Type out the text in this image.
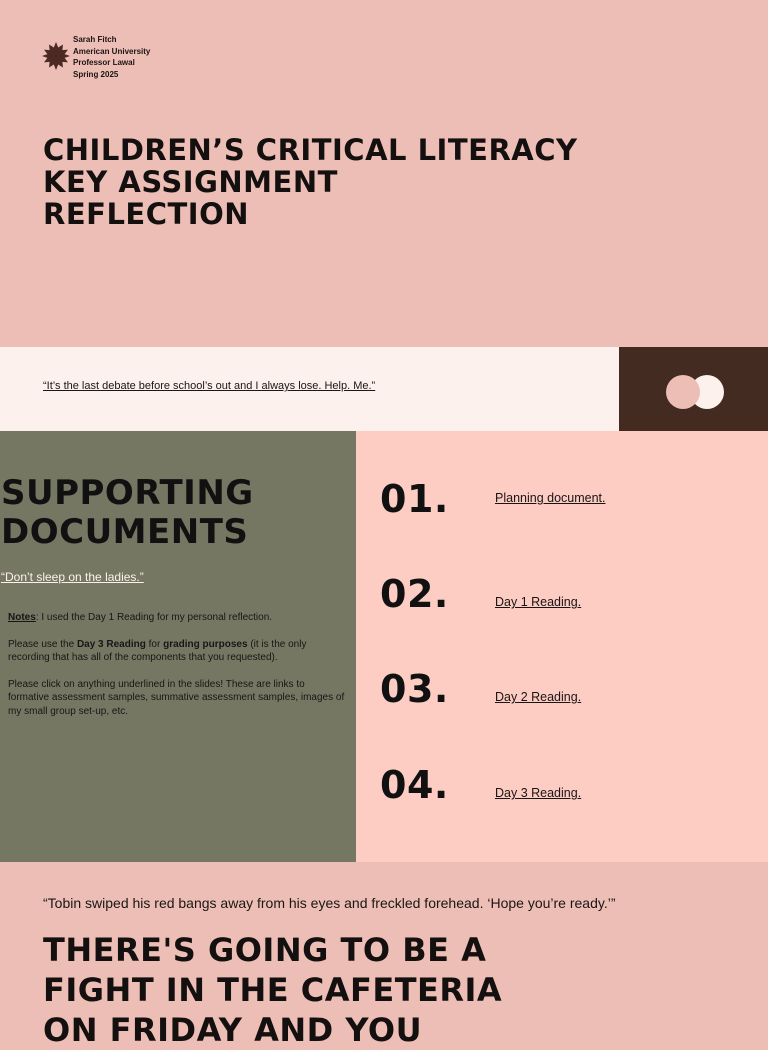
Sarah Fitch
American University
Professor Lawal
Spring 2025
CHILDREN’S CRITICAL LITERACY
KEY ASSIGNMENT
REFLECTION
“It’s the last debate before school’s out and I always lose. Help. Me.”
SUPPORTING
DOCUMENTS
“Don’t sleep on the ladies.”

Notes: I used the Day 1 Reading for my personal reflection.

Please use the Day 3 Reading for grading purposes (it is the only recording that has all of the components that you requested).

Please click on anything underlined in the slides! These are links to formative assessment samples, summative assessment samples, images of my small group set-up, etc.

01.	Planning document.
02.	Day 1 Reading.
03.	Day 2 Reading.
04.	Day 3 Reading.
“Tobin swiped his red bangs away from his eyes and freckled forehead. ‘Hope you’re ready.’”
THERE'S GOING TO BE A
FIGHT IN THE CAFETERIA
ON FRIDAY AND YOU
